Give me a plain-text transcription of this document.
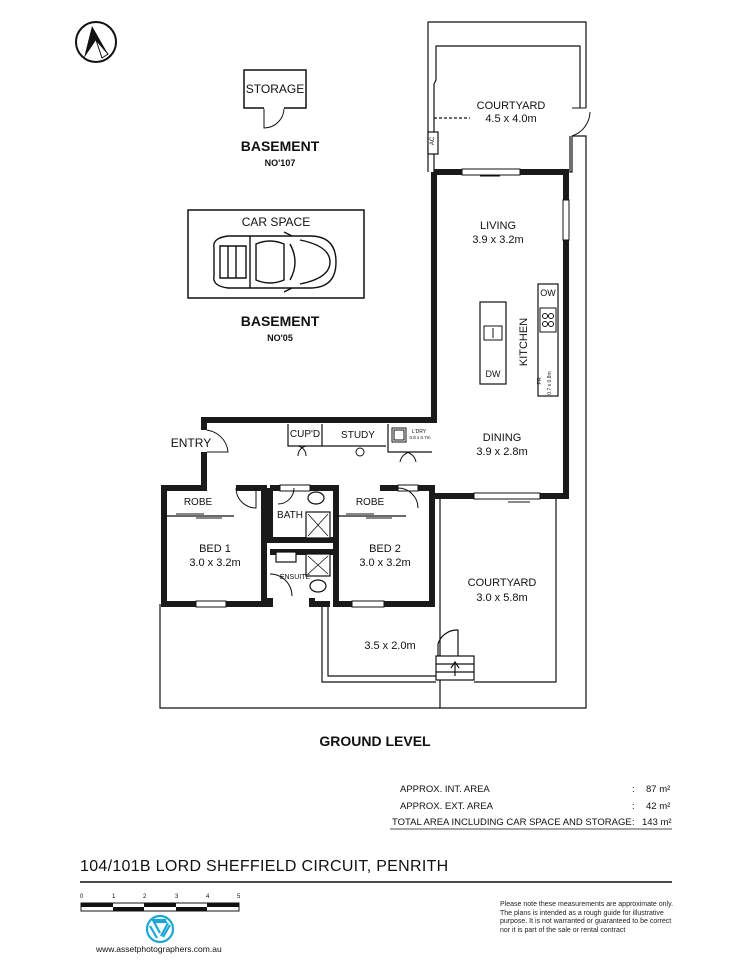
STORAGE
BASEMENT
NO'107
CAR SPACE
BASEMENT
NO'05
COURTYARD
4.5 x 4.0m
AC
LIVING
3.9 x 3.2m
KITCHEN
OW
DW
FR 0.7 x 0.8m
DINING
3.9 x 2.8m
ENTRY
CUP'D	STUDY	L'DRY
0.8 x 0.7m
ROBE	ROBE
BATH
ENSUITE
BED 1
3.0 x 3.2m
BED 2
3.0 x 3.2m
COURTYARD
3.0 x 5.8m
3.5 x 2.0m
GROUND LEVEL
APPROX. INT. AREA	: 87 m²
APPROX. EXT. AREA	: 42 m²
TOTAL AREA INCLUDING CAR SPACE AND STORAGE : 143 m²
104/101B LORD SHEFFIELD CIRCUIT, PENRITH
0	1	2	3	4	5
Please note these measurements are approximate only. The plans is intended as a rough guide for illustrative purpose. It is not warranted or guaranteed to be correct nor it is part of the sale or rental contract
www.assetphotographers.com.au
